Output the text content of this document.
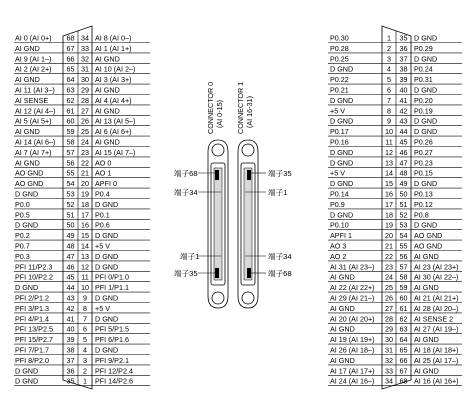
AI 0 (AI 0+) 68 34 AI 8 (AI 0–)
AI GND	67 33 AI 1 (AI 1+)
AI 9 (AI 1–) 66 32 AI GND
AI 2 (AI 2+) 65 31 AI 10 (AI 2–)
AI GND	64 30 AI 3 (AI 3+)
AI 11 (AI 3–) 63 29 AI GND
AI SENSE	62 28 AI 4 (AI 4+)
AI 12 (AI 4–) 61 27 AI GND
AI 5 (AI 5+) 60 26 AI 13 (AI 5–)
AI GND	59 25 AI 6 (AI 6+)
AI 14 (AI 6–) 58 24 AI GND
AI 7 (AI 7+) 57 23 AI 15 (AI 7–)
AI GND	56 22 AO 0
AO GND	55 21 AO 1
AO GND	54 20 APFI 0
D GND	53 19 P0.4
P0.0	52 18 D GND
P0.5	51 17 P0.1
D GND	50 16 P0.6
P0.2	49 15 D GND
P0.7	48 14 +5 V
P0.3	47 13 D GND
PFI 11/P2.3 46 12 D GND
PFI 10/P2.2 45 11 PFI 0/P1.0
D GND	44 10 PFI 1/P1.1
PFI 2/P1.2 43 9 D GND
PFI 3/P1.3 42 8 +5 V
PFI 4/P1.4 41 7 D GND
PFI 13/P2.5 40 6 PFI 5/P1.5
PFI 15/P2.7 39 5 PFI 6/P1.6
PFI 7/P1.7 38 4 D GND
PFI 8/P2.0 37 3 PFI 9/P2.1
D GND	36 2 PFI 12/P2.4
D GND	35 1 PFI 14/P2.6
P0.30	1 35 D GND
P0.28	2 36 P0.29
P0.25	3 37 D GND
D GND	4 38 P0.24
P0.22	5 39 P0.31
P0.21	6 40 D GND
D GND	7 41 P0.20
+5 V	8 42 P0.19
D GND	9 43 D GND
P0.17	10 44 D GND
P0.16	11 45 P0.26
D GND	12 46 P0.27
D GND	13 47 P0.23
+5 V	14 48 P0.15
D GND	15 49 D GND
P0.14	16 50 P0.13
P0.9	17 51 P0.12
D GND	18 52 P0.8
P0.10	19 53 D GND
APFI 1	20 54 AO GND
AO 3	21 55 AO GND
AO 2	22 56 AI GND
AI 31 (AI 23–) 23 57 AI 23 (AI 23+)
AI GND	24 58 AI 30 (AI 22–)
AI 22 (AI 22+) 25 59 AI GND
AI 29 (AI 21–) 26 60 AI 21 (AI 21+)
AI GND	27 61 AI 28 (AI 20–)
AI 20 (AI 20+) 28 62 AI SENSE 2
AI GND	29 63 AI 27 (AI 19–)
AI 19 (AI 19+) 30 64 AI GND
AI 26 (AI 18–) 31 65 AI 18 (AI 18+)
AI GND	32 66 AI 25 (AI 17–)
AI 17 (AI 17+) 33 67 AI GND
AI 24 (AI 16–) 34 68 AI 16 (AI 16+)
CONNECTOR 0 (AI 0-15) CONNECTOR 1 (AI 16-31)
端子68
端子34
端子1
端子35
端子35
端子1
端子34
端子68
